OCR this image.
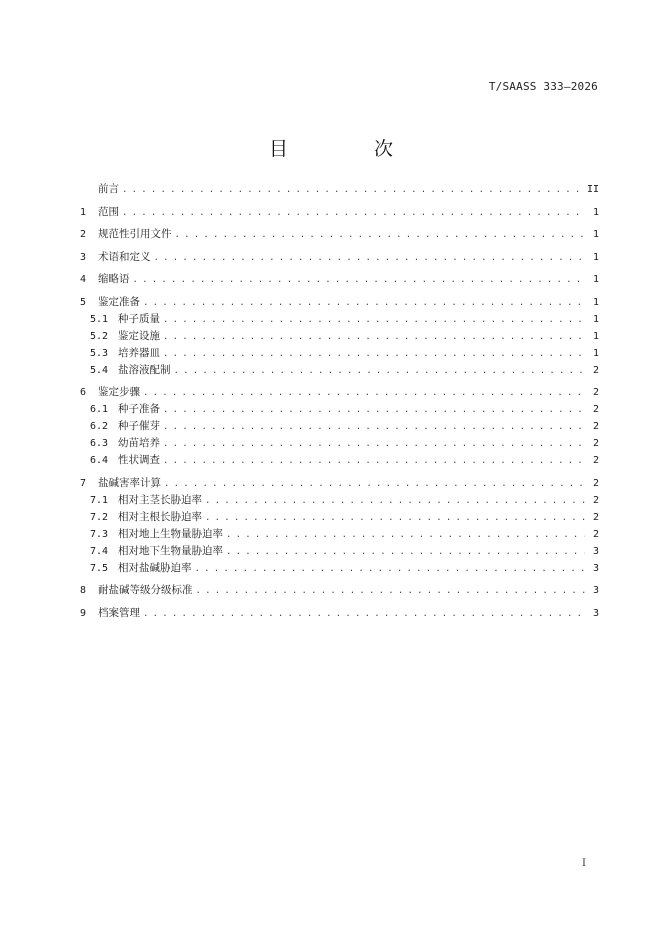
T/SAASS 333—2026
目 次
前言 . . .	II
1	范围 . . .	1
2	规范性引用文件 . . .	1
3	术语和定义 . . .	1
4	缩略语 . . .	1
5	鉴定准备 . . .	1
5.1 种子质量 . . .	1
5.2 鉴定设施 . . .	1
5.3 培养器皿 . . .	1
5.4 盐溶液配制 . . .	2
6	鉴定步骤 . . .	2
6.1 种子准备 . . .	2
6.2 种子催芽 . . .	2
6.3 幼苗培养 . . .	2
6.4 性状调查 . . .	2
7	盐碱害率计算 . . .	2
7.1 相对主茎长胁迫率 . . .	2
7.2 相对主根长胁迫率 . . .	2
7.3 相对地上生物量胁迫率 . . .	2
7.4 相对地下生物量胁迫率 . . .	3
7.5 相对盐碱胁迫率 . . .	3
8	耐盐碱等级分级标准 . . .	3
9	档案管理 . . .	3
I
